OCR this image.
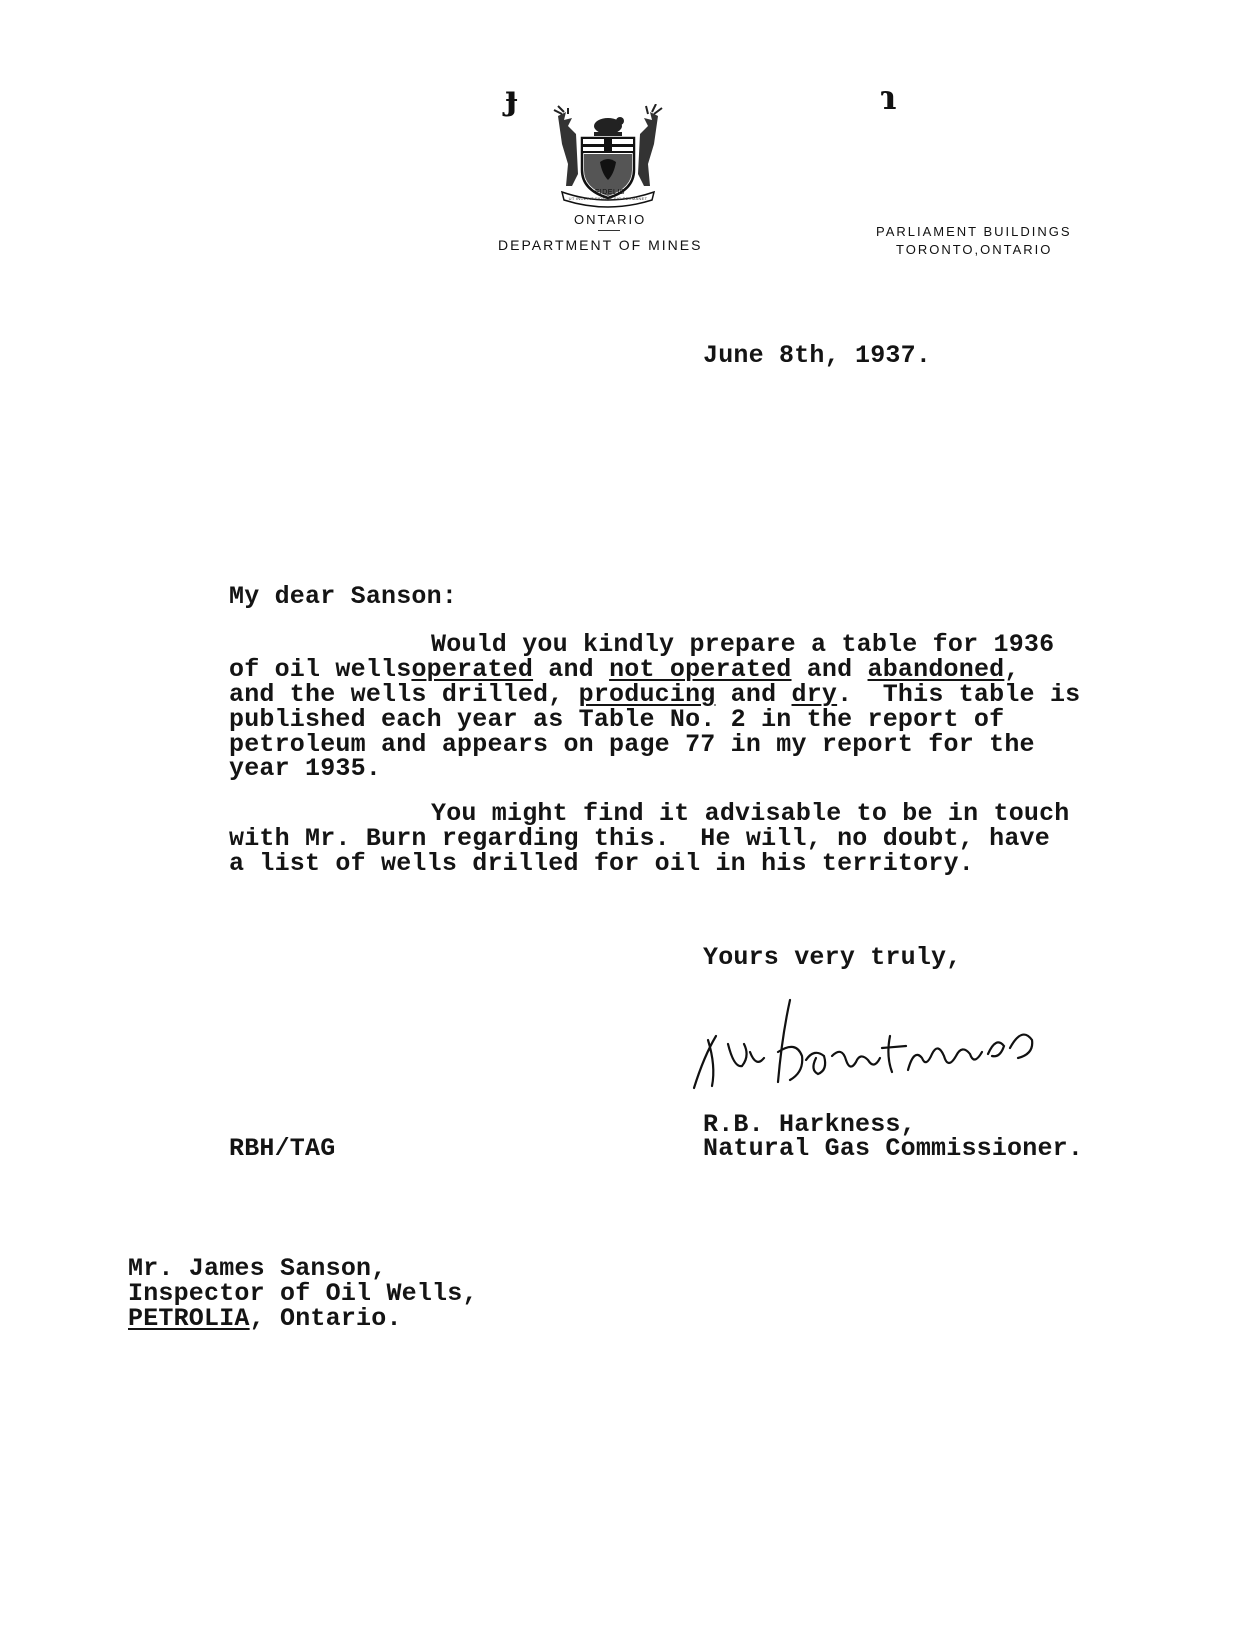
ɟ	ɿ
FIDELIS
UT INCEPIT FIDELIS SIC PERMANET
ONTARIO
DEPARTMENT OF MINES
PARLIAMENT BUILDINGS
TORONTO,ONTARIO
June 8th, 1937.
My dear Sanson:
Would you kindly prepare a table for 1936
of oil wellsoperated and not operated and abandoned,
and the wells drilled, producing and dry.  This table is
published each year as Table No. 2 in the report of
petroleum and appears on page 77 in my report for the
year 1935.
You might find it advisable to be in touch
with Mr. Burn regarding this.  He will, no doubt, have
a list of wells drilled for oil in his territory.
Yours very truly,
R.B. Harkness,
Natural Gas Commissioner.
RBH/TAG
Mr. James Sanson,
Inspector of Oil Wells,
PETROLIA, Ontario.
